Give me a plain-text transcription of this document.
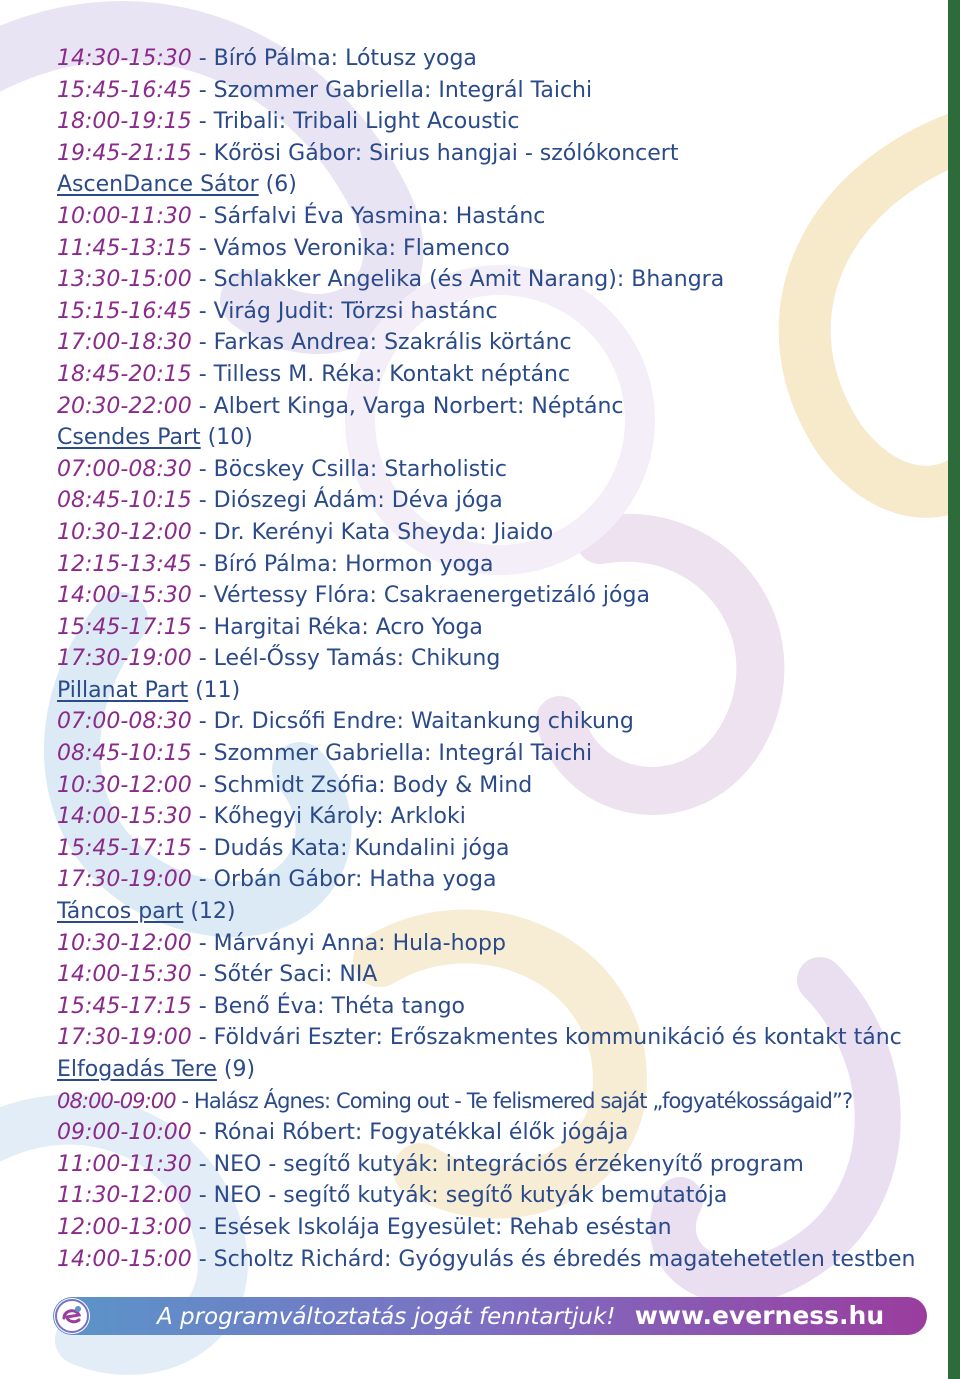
14:30-15:30 - Bíró Pálma: Lótusz yoga
15:45-16:45 - Szommer Gabriella: Integrál Taichi
18:00-19:15 - Tribali: Tribali Light Acoustic
19:45-21:15 - Kőrösi Gábor: Sirius hangjai - szólókoncert
AscenDance Sátor (6)
10:00-11:30 - Sárfalvi Éva Yasmina: Hastánc
11:45-13:15 - Vámos Veronika: Flamenco
13:30-15:00 - Schlakker Angelika (és Amit Narang): Bhangra
15:15-16:45 - Virág Judit: Törzsi hastánc
17:00-18:30 - Farkas Andrea: Szakrális körtánc
18:45-20:15 - Tilless M. Réka: Kontakt néptánc
20:30-22:00 - Albert Kinga, Varga Norbert: Néptánc
Csendes Part (10)
07:00-08:30 - Böcskey Csilla: Starholistic
08:45-10:15 - Diószegi Ádám: Déva jóga
10:30-12:00 - Dr. Kerényi Kata Sheyda: Jiaido
12:15-13:45 - Bíró Pálma: Hormon yoga
14:00-15:30 - Vértessy Flóra: Csakraenergetizáló jóga
15:45-17:15 - Hargitai Réka: Acro Yoga
17:30-19:00 - Leél-Őssy Tamás: Chikung
Pillanat Part (11)
07:00-08:30 - Dr. Dicsőfi Endre: Waitankung chikung
08:45-10:15 - Szommer Gabriella: Integrál Taichi
10:30-12:00 - Schmidt Zsófia: Body & Mind
14:00-15:30 - Kőhegyi Károly: Arkloki
15:45-17:15 - Dudás Kata: Kundalini jóga
17:30-19:00 - Orbán Gábor: Hatha yoga
Táncos part (12)
10:30-12:00 - Márványi Anna: Hula-hopp
14:00-15:30 - Sőtér Saci: NIA
15:45-17:15 - Benő Éva: Théta tango
17:30-19:00 - Földvári Eszter: Erőszakmentes kommunikáció és kontakt tánc
Elfogadás Tere (9)
08:00-09:00 - Halász Ágnes: Coming out - Te felismered saját „fogyatékosságaid”?
09:00-10:00 - Rónai Róbert: Fogyatékkal élők jógája
11:00-11:30 - NEO - segítő kutyák: integrációs érzékenyítő program
11:30-12:00 - NEO - segítő kutyák: segítő kutyák bemutatója
12:00-13:00 - Esések Iskolája Egyesület: Rehab eséstan
14:00-15:00 - Scholtz Richárd: Gyógyulás és ébredés magatehetetlen testben
A programváltoztatás jogát fenntartjuk! www.everness.hu
